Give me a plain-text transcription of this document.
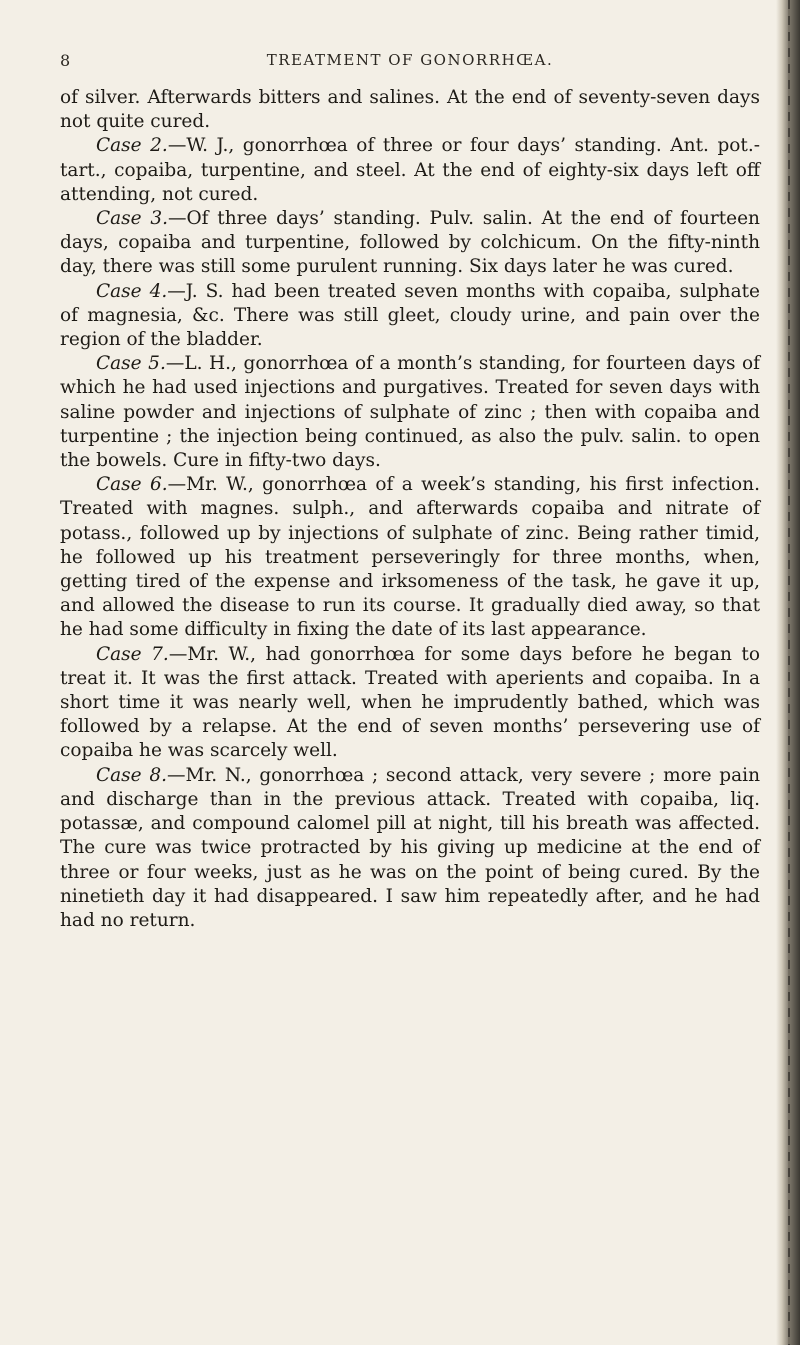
8	TREATMENT OF GONORRHŒA.

of silver. Afterwards bitters and salines. At the end of seventy-seven days not quite cured.

Case 2.—W. J., gonorrhœa of three or four days’ standing. Ant. pot.-tart., copaiba, turpentine, and steel. At the end of eighty-six days left off attending, not cured.

Case 3.—Of three days’ standing. Pulv. salin. At the end of fourteen days, copaiba and turpentine, followed by colchicum. On the fifty-ninth day, there was still some purulent running. Six days later he was cured.

Case 4.—J. S. had been treated seven months with copaiba, sulphate of magnesia, &c. There was still gleet, cloudy urine, and pain over the region of the bladder.

Case 5.—L. H., gonorrhœa of a month’s standing, for fourteen days of which he had used injections and purgatives. Treated for seven days with saline powder and injections of sulphate of zinc ; then with copaiba and turpentine ; the injection being continued, as also the pulv. salin. to open the bowels. Cure in fifty-two days.

Case 6.—Mr. W., gonorrhœa of a week’s standing, his first infection. Treated with magnes. sulph., and afterwards copaiba and nitrate of potass., followed up by injections of sulphate of zinc. Being rather timid, he followed up his treatment perseveringly for three months, when, getting tired of the expense and irksomeness of the task, he gave it up, and allowed the disease to run its course. It gradually died away, so that he had some difficulty in fixing the date of its last appearance.

Case 7.—Mr. W., had gonorrhœa for some days before he began to treat it. It was the first attack. Treated with aperients and copaiba. In a short time it was nearly well, when he imprudently bathed, which was followed by a relapse. At the end of seven months’ persevering use of copaiba he was scarcely well.

Case 8.—Mr. N., gonorrhœa ; second attack, very severe ; more pain and discharge than in the previous attack. Treated with copaiba, liq. potassæ, and compound calomel pill at night, till his breath was affected. The cure was twice protracted by his giving up medicine at the end of three or four weeks, just as he was on the point of being cured. By the ninetieth day it had disappeared. I saw him repeatedly after, and he had had no return.
